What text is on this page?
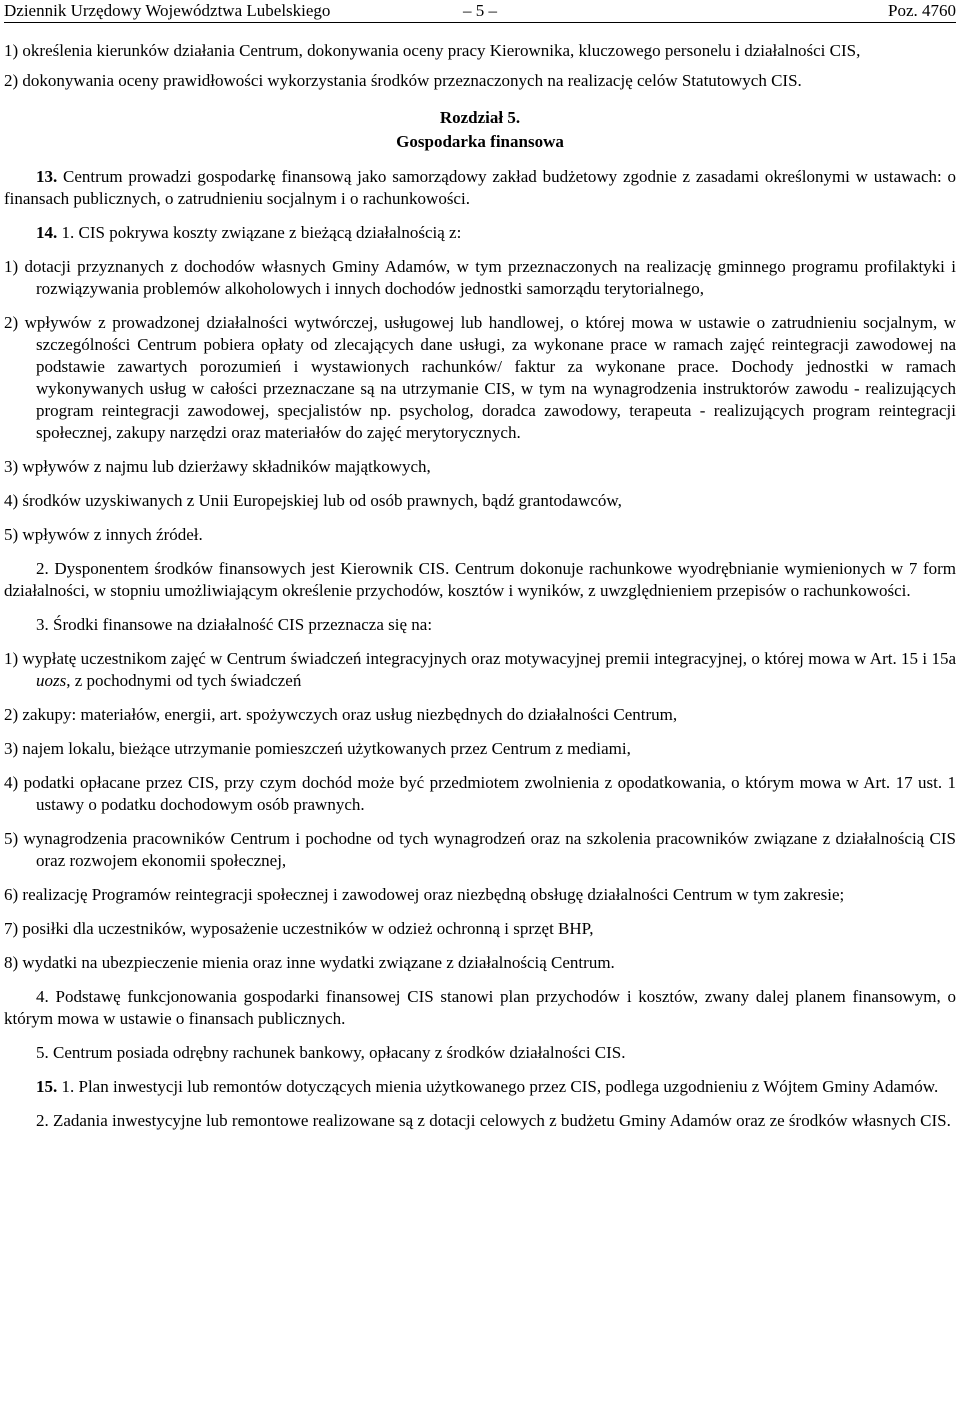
Dziennik Urzędowy Województwa Lubelskiego	– 5 –	Poz. 4760

1) określenia kierunków działania Centrum, dokonywania oceny pracy Kierownika, kluczowego personelu i działalności CIS,

2) dokonywania oceny prawidłowości wykorzystania środków przeznaczonych na realizację celów Statutowych CIS.

Rozdział 5.
Gospodarka finansowa

13. Centrum prowadzi gospodarkę finansową jako samorządowy zakład budżetowy zgodnie z zasadami określonymi w ustawach: o finansach publicznych, o zatrudnieniu socjalnym i o rachunkowości.

14. 1. CIS pokrywa koszty związane z bieżącą działalnością z:

1) dotacji przyznanych z dochodów własnych Gminy Adamów, w tym przeznaczonych na realizację gminnego programu profilaktyki i rozwiązywania problemów alkoholowych i innych dochodów jednostki samorządu terytorialnego,

2) wpływów z prowadzonej działalności wytwórczej, usługowej lub handlowej, o której mowa w ustawie o zatrudnieniu socjalnym, w szczególności Centrum pobiera opłaty od zlecających dane usługi, za wykonane prace w ramach zajęć reintegracji zawodowej na podstawie zawartych porozumień i wystawionych rachunków/ faktur za wykonane prace. Dochody jednostki w ramach wykonywanych usług w całości przeznaczane są na utrzymanie CIS, w tym na wynagrodzenia instruktorów zawodu - realizujących program reintegracji zawodowej, specjalistów np. psycholog, doradca zawodowy, terapeuta - realizujących program reintegracji społecznej, zakupy narzędzi oraz materiałów do zajęć merytorycznych.

3) wpływów z najmu lub dzierżawy składników majątkowych,

4) środków uzyskiwanych z Unii Europejskiej lub od osób prawnych, bądź grantodawców,

5) wpływów z innych źródeł.

2. Dysponentem środków finansowych jest Kierownik CIS. Centrum dokonuje rachunkowe wyodrębnianie wymienionych w 7 form działalności, w stopniu umożliwiającym określenie przychodów, kosztów i wyników, z uwzględnieniem przepisów o rachunkowości.

3. Środki finansowe na działalność CIS przeznacza się na:

1) wypłatę uczestnikom zajęć w Centrum świadczeń integracyjnych oraz motywacyjnej premii integracyjnej, o której mowa w Art. 15 i 15a uozs, z pochodnymi od tych świadczeń

2) zakupy: materiałów, energii, art. spożywczych oraz usług niezbędnych do działalności Centrum,

3) najem lokalu, bieżące utrzymanie pomieszczeń użytkowanych przez Centrum z mediami,

4) podatki opłacane przez CIS, przy czym dochód może być przedmiotem zwolnienia z opodatkowania, o którym mowa w Art. 17 ust. 1 ustawy o podatku dochodowym osób prawnych.

5) wynagrodzenia pracowników Centrum i pochodne od tych wynagrodzeń oraz na szkolenia pracowników związane z działalnością CIS oraz rozwojem ekonomii społecznej,

6) realizację Programów reintegracji społecznej i zawodowej oraz niezbędną obsługę działalności Centrum w tym zakresie;

7) posiłki dla uczestników, wyposażenie uczestników w odzież ochronną i sprzęt BHP,

8) wydatki na ubezpieczenie mienia oraz inne wydatki związane z działalnością Centrum.

4. Podstawę funkcjonowania gospodarki finansowej CIS stanowi plan przychodów i kosztów, zwany dalej planem finansowym, o którym mowa w ustawie o finansach publicznych.

5. Centrum posiada odrębny rachunek bankowy, opłacany z środków działalności CIS.

15. 1. Plan inwestycji lub remontów dotyczących mienia użytkowanego przez CIS, podlega uzgodnieniu z Wójtem Gminy Adamów.

2. Zadania inwestycyjne lub remontowe realizowane są z dotacji celowych z budżetu Gminy Adamów oraz ze środków własnych CIS.
